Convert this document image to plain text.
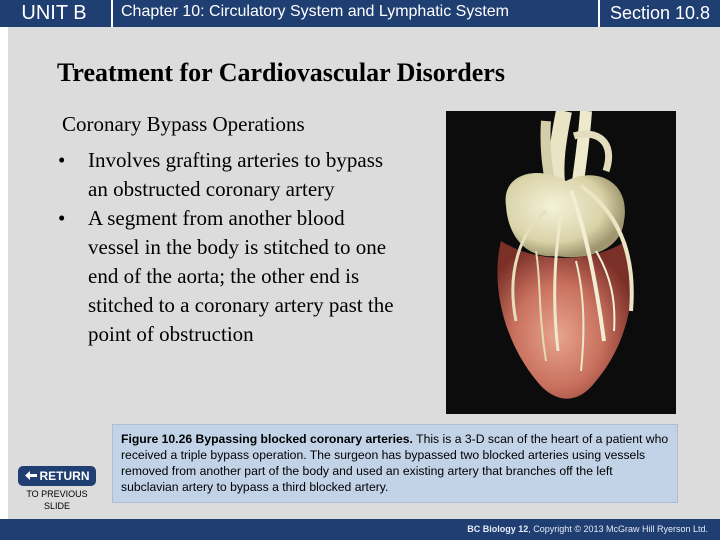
UNIT B	Chapter 10: Circulatory System and Lymphatic System	Section 10.8
Treatment for Cardiovascular Disorders
Coronary Bypass Operations
•	Involves grafting arteries to bypass an obstructed coronary artery
•	A segment from another blood vessel in the body is stitched to one end of the aorta; the other end is stitched to a coronary artery past the point of obstruction
Figure 10.26 Bypassing blocked coronary arteries. This is a 3-D scan of the heart of a patient who received a triple bypass operation. The surgeon has bypassed two blocked arteries using vessels removed from another part of the body and used an existing artery that branches off the left subclavian artery to bypass a third blocked artery.
RETURN
TO PREVIOUS
SLIDE
BC Biology 12, Copyright © 2013 McGraw Hill Ryerson Ltd.
